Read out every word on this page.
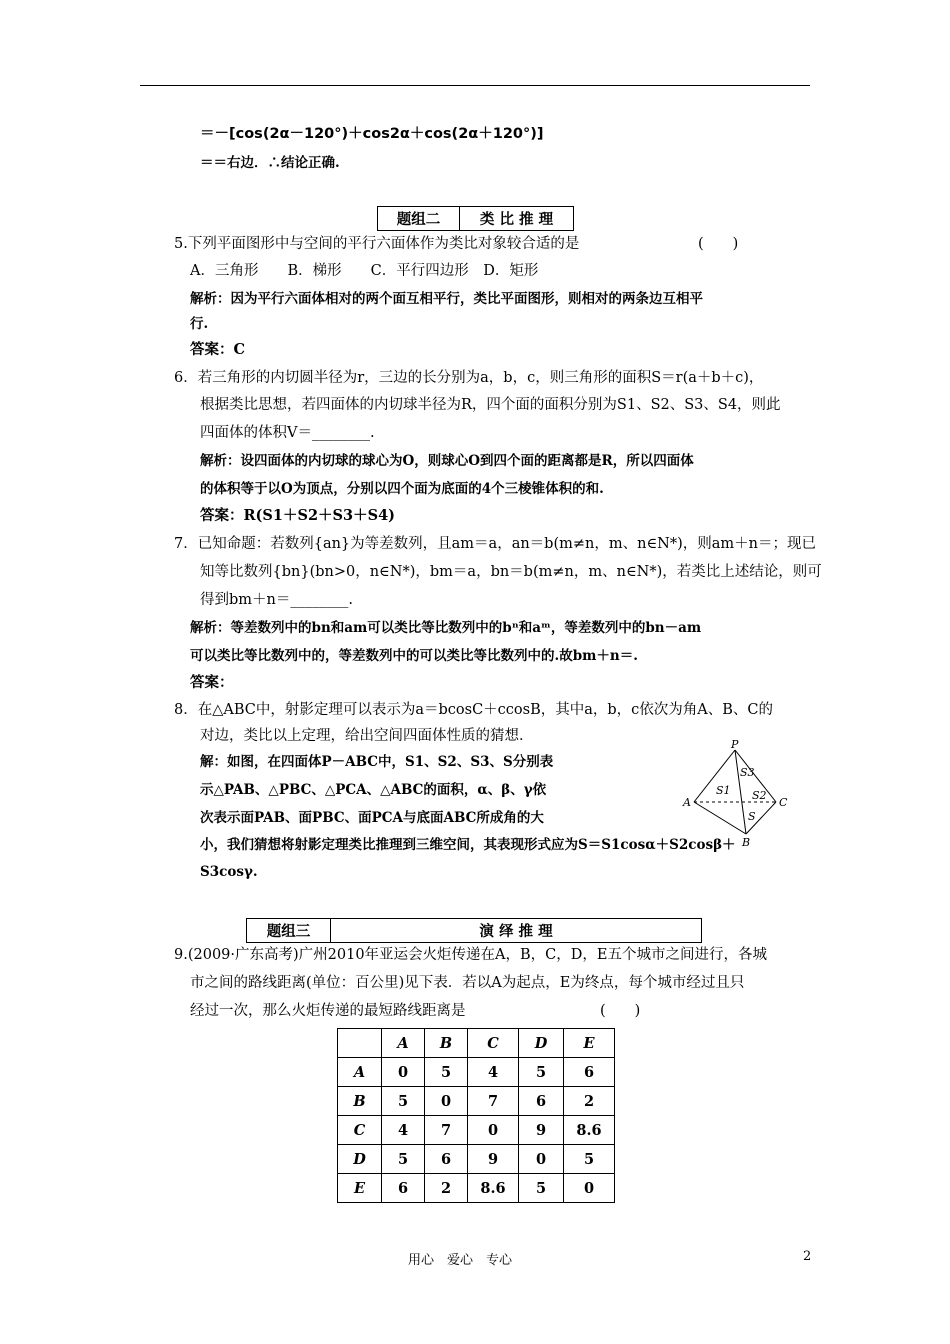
＝－[cos(2α－120°)＋cos2α＋cos(2α＋120°)]
＝＝右边．∴结论正确.
题组二	类 比 推 理
5.下列平面图形中与空间的平行六面体作为类比对象较合适的是	(　　)
A．三角形　　B．梯形　　C．平行四边形　D．矩形
解析：因为平行六面体相对的两个面互相平行，类比平面图形，则相对的两条边互相平
行.
答案：C
6．若三角形的内切圆半径为r，三边的长分别为a，b，c，则三角形的面积S＝r(a＋b＋c)，
根据类比思想，若四面体的内切球半径为R，四个面的面积分别为S1、S2、S3、S4，则此
四面体的体积V＝________.
解析：设四面体的内切球的球心为O，则球心O到四个面的距离都是R，所以四面体
的体积等于以O为顶点，分别以四个面为底面的4个三棱锥体积的和.
答案：R(S1＋S2＋S3＋S4)
7．已知命题：若数列{an}为等差数列，且am＝a，an＝b(m≠n，m、n∈N*)，则am＋n＝；现已
知等比数列{bn}(bn>0，n∈N*)，bm＝a，bn＝b(m≠n，m、n∈N*)，若类比上述结论，则可
得到bm＋n＝________.
解析：等差数列中的bn和am可以类比等比数列中的bⁿ和aᵐ，等差数列中的bn－am
可以类比等比数列中的，等差数列中的可以类比等比数列中的.故bm＋n＝.
答案：
8．在△ABC中，射影定理可以表示为a＝bcosC＋ccosB，其中a，b，c依次为角A、B、C的
对边，类比以上定理，给出空间四面体性质的猜想．
解：如图，在四面体P－ABC中，S1、S2、S3、S分别表
示△PAB、△PBC、△PCA、△ABC的面积，α、β、γ依
次表示面PAB、面PBC、面PCA与底面ABC所成角的大
小，我们猜想将射影定理类比推理到三维空间，其表现形式应为S＝S1cosα＋S2cosβ＋
S3cosγ.
P
A
B
C
S1 S2
S3
S
题组三	演 绎 推 理
9.(2009·广东高考)广州2010年亚运会火炬传递在A，B，C，D，E五个城市之间进行，各城
市之间的路线距离(单位：百公里)见下表．若以A为起点，E为终点，每个城市经过且只
经过一次，那么火炬传递的最短路线距离是	(　　)
	A	B	C	D	E
A	0	5	4	5	6
B	5	0	7	6	2
C	4	7	0	9	8.6
D	5	6	9	0	5
E	6	2	8.6	5	0
用心　爱心　专心	2
